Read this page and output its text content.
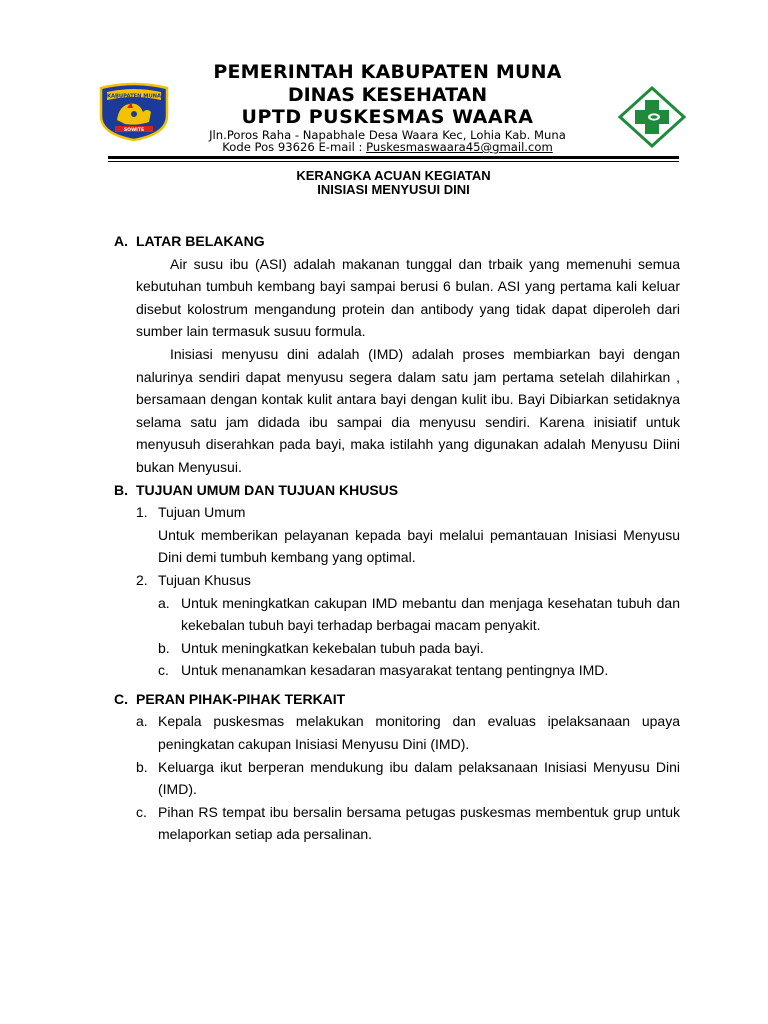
KABUPATEN MUNA
SOWITE
PEMERINTAH KABUPATEN MUNA
DINAS KESEHATAN
UPTD PUSKESMAS WAARA
Jln.Poros Raha - Napabhale Desa Waara Kec, Lohia Kab. Muna
Kode Pos 93626 E-mail : Puskesmaswaara45@gmail.com
KERANGKA ACUAN KEGIATAN
INISIASI MENYUSUI DINI
A. LATAR BELAKANG
Air susu ibu (ASI) adalah makanan tunggal dan trbaik yang memenuhi semua kebutuhan tumbuh kembang bayi sampai berusi 6 bulan. ASI yang pertama kali keluar disebut kolostrum mengandung protein dan antibody yang tidak dapat diperoleh dari sumber lain termasuk susuu formula.
Inisiasi menyusu dini adalah (IMD) adalah proses membiarkan bayi dengan nalurinya sendiri dapat menyusu segera dalam satu jam pertama setelah dilahirkan , bersamaan dengan kontak kulit antara bayi dengan kulit ibu. Bayi Dibiarkan setidaknya selama satu jam didada ibu sampai dia menyusu sendiri. Karena inisiatif untuk menyusuh diserahkan pada bayi, maka istilahh yang digunakan adalah Menyusu Diini bukan Menyusui.
B. TUJUAN UMUM DAN TUJUAN KHUSUS
1. Tujuan Umum
Untuk memberikan pelayanan kepada bayi melalui pemantauan Inisiasi Menyusu Dini demi tumbuh kembang yang optimal.
2. Tujuan Khusus
a. Untuk meningkatkan cakupan IMD mebantu dan menjaga kesehatan tubuh dan kekebalan tubuh bayi terhadap berbagai macam penyakit.
b. Untuk meningkatkan kekebalan tubuh pada bayi.
c. Untuk menanamkan kesadaran masyarakat tentang pentingnya IMD.
C. PERAN PIHAK-PIHAK TERKAIT
a. Kepala puskesmas melakukan monitoring dan evaluas ipelaksanaan upaya peningkatan cakupan Inisiasi Menyusu Dini (IMD).
b. Keluarga ikut berperan mendukung ibu dalam pelaksanaan Inisiasi Menyusu Dini (IMD).
c. Pihan RS tempat ibu bersalin bersama petugas puskesmas membentuk grup untuk melaporkan setiap ada persalinan.
